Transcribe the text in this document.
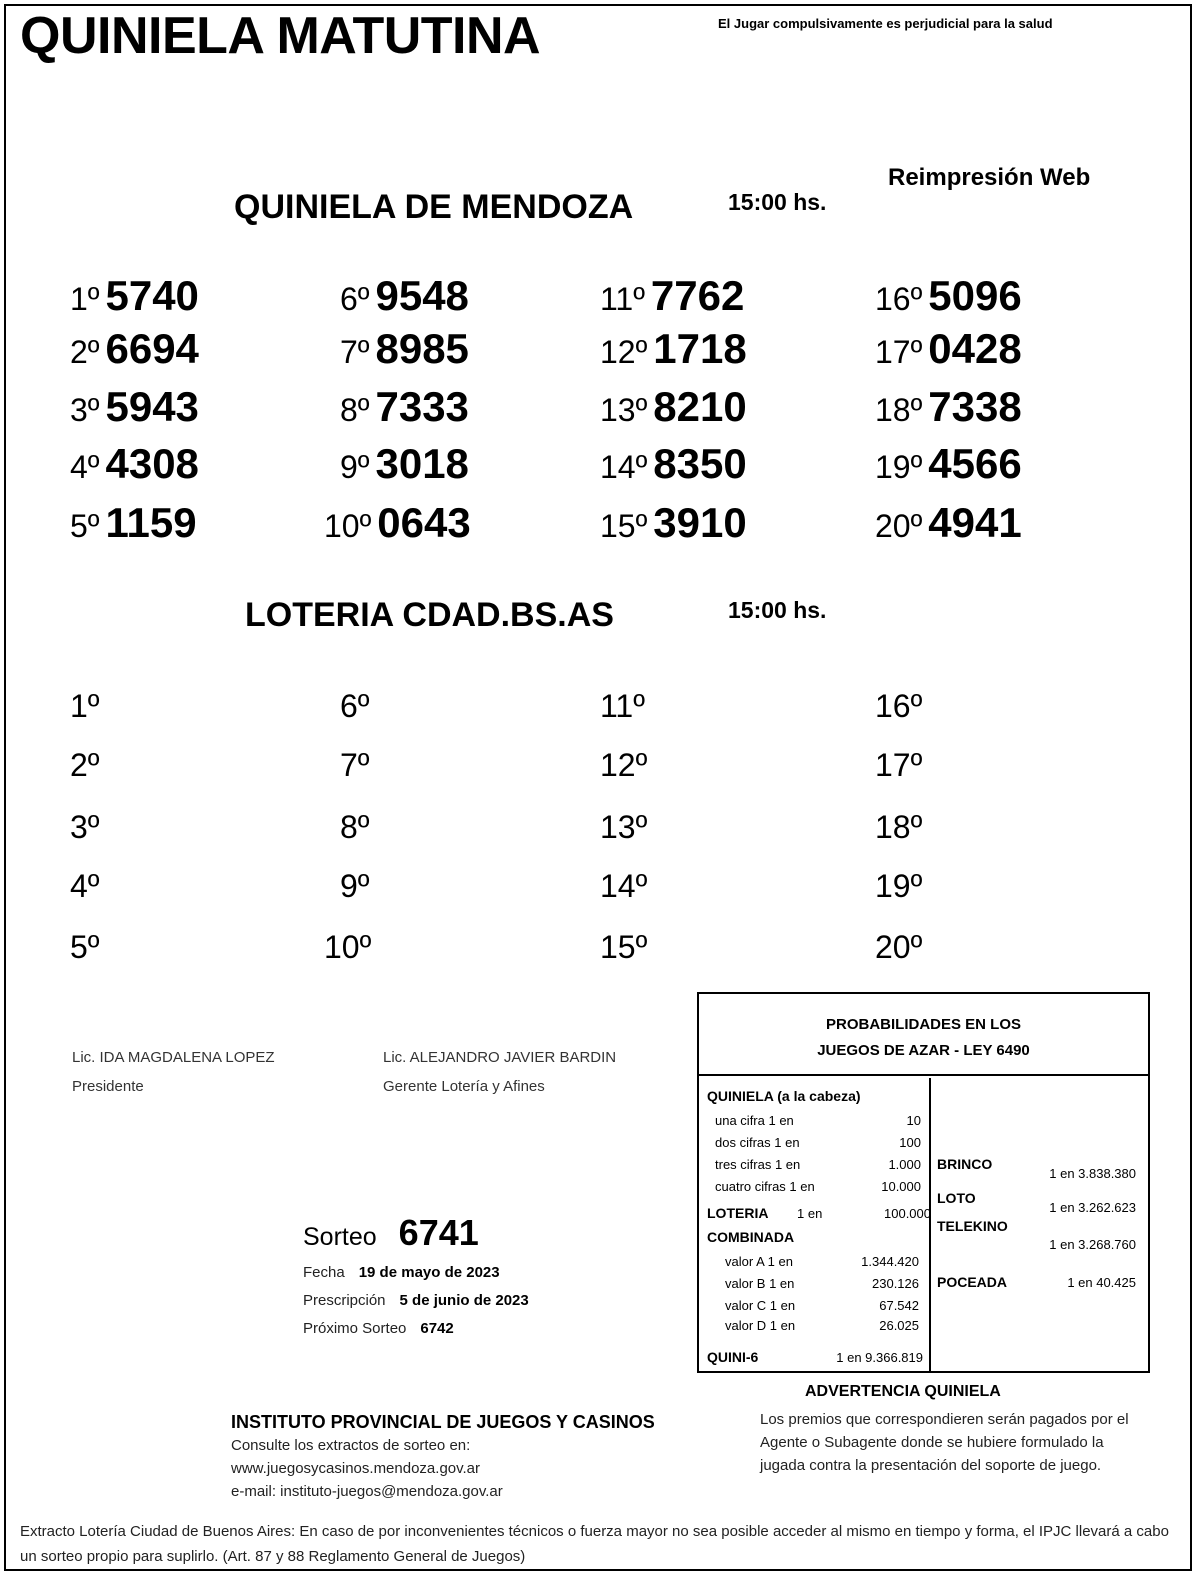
QUINIELA MATUTINA	El Jugar compulsivamente es perjudicial para la salud
Reimpresión Web
QUINIELA DE MENDOZA	15:00 hs.
1º 5740
2º 6694
3º 5943
4º 4308
5º 1159
6º 9548
7º 8985
8º 7333
9º 3018
10º 0643
11º 7762
12º 1718
13º 8210
14º 8350
15º 3910
16º 5096
17º 0428
18º 7338
19º 4566
20º 4941
LOTERIA CDAD.BS.AS	15:00 hs.
1º
2º
3º
4º
5º
6º
7º
8º
9º
10º
11º
12º
13º
14º
15º
16º
17º
18º
19º
20º
Lic. IDA MAGDALENA LOPEZ
Presidente
Lic. ALEJANDRO JAVIER BARDIN
Gerente Lotería y Afines
Sorteo 6741
Fecha 19 de mayo de 2023
Prescripción 5 de junio de 2023
Próximo Sorteo 6742
PROBABILIDADES EN LOS
JUEGOS DE AZAR - LEY 6490
QUINIELA (a la cabeza)
una cifra 1 en	10
dos cifras 1 en	100
tres cifras 1 en	1.000
cuatro cifras 1 en	10.000
LOTERIA 1 en	100.000
COMBINADA
valor A 1 en	1.344.420
valor B 1 en	230.126
valor C 1 en	67.542
valor D 1 en	26.025
QUINI-6	1 en 9.366.819
BRINCO
1 en 3.838.380
LOTO
1 en 3.262.623
TELEKINO
1 en 3.268.760
POCEADA	1 en 40.425
ADVERTENCIA QUINIELA
Los premios que correspondieren serán pagados por el Agente o Subagente donde se hubiere formulado la jugada contra la presentación del soporte de juego.
INSTITUTO PROVINCIAL DE JUEGOS Y CASINOS
Consulte los extractos de sorteo en:
www.juegosycasinos.mendoza.gov.ar
e-mail: instituto-juegos@mendoza.gov.ar
Extracto Lotería Ciudad de Buenos Aires: En caso de por inconvenientes técnicos o fuerza mayor no sea posible acceder al mismo en tiempo y forma, el IPJC llevará a cabo un sorteo propio para suplirlo. (Art. 87 y 88 Reglamento General de Juegos)
